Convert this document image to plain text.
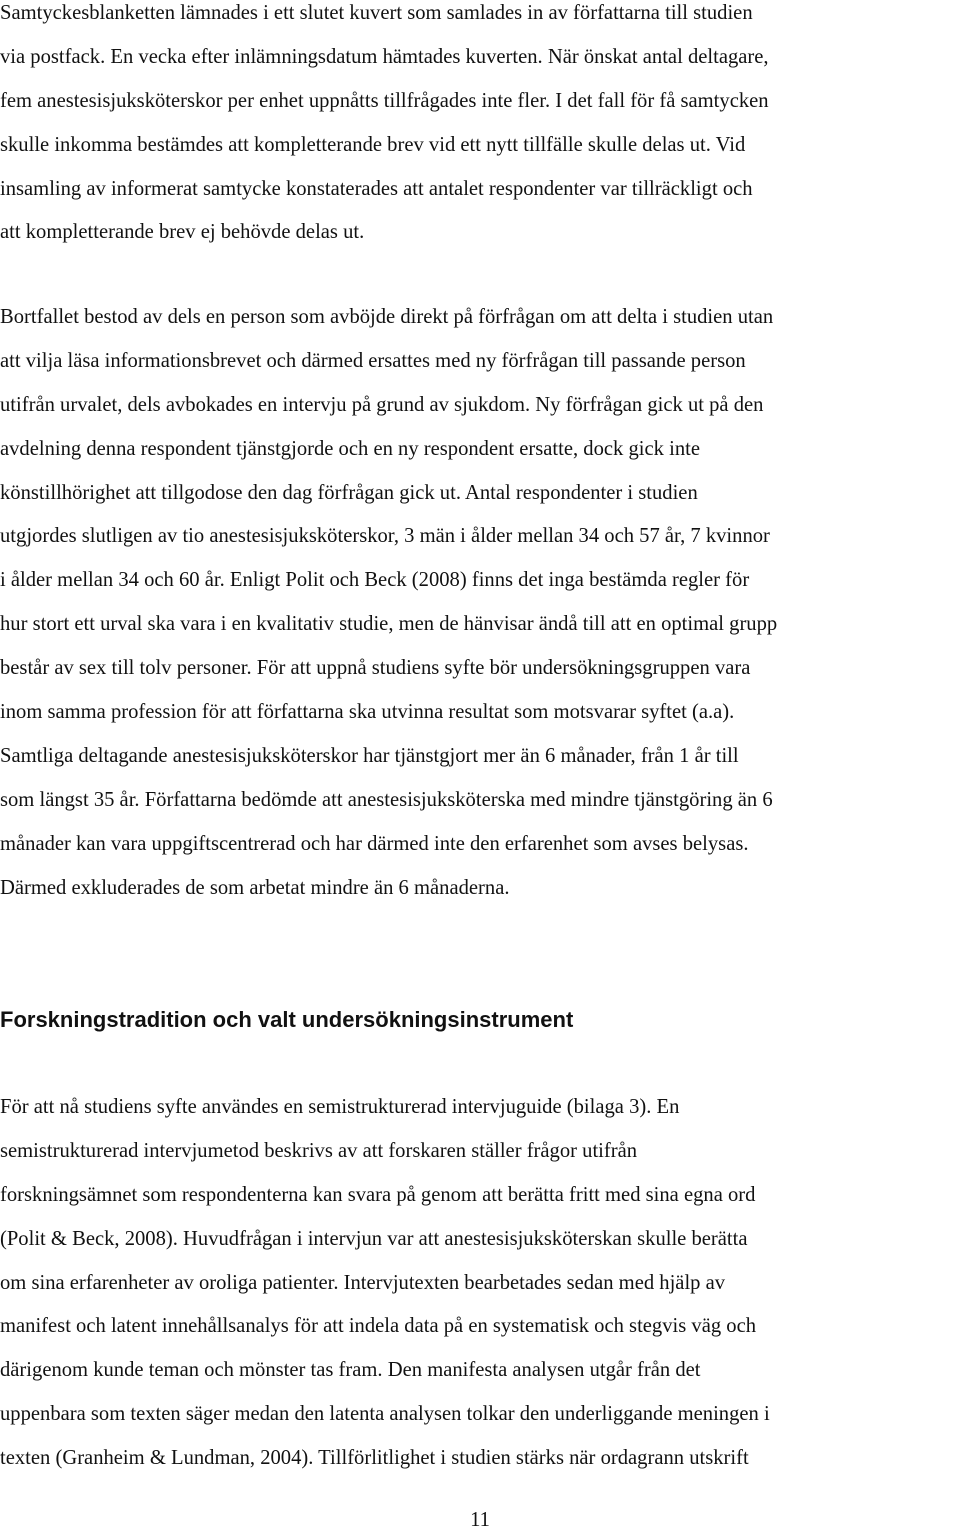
Samtyckesblanketten lämnades i ett slutet kuvert som samlades in av författarna till studien
via postfack. En vecka efter inlämningsdatum hämtades kuverten. När önskat antal deltagare,
fem anestesisjuksköterskor per enhet uppnåtts tillfrågades inte fler. I det fall för få samtycken
skulle inkomma bestämdes att kompletterande brev vid ett nytt tillfälle skulle delas ut. Vid
insamling av informerat samtycke konstaterades att antalet respondenter var tillräckligt och
att kompletterande brev ej behövde delas ut.
Bortfallet bestod av dels en person som avböjde direkt på förfrågan om att delta i studien utan
att vilja läsa informationsbrevet och därmed ersattes med ny förfrågan till passande person
utifrån urvalet, dels avbokades en intervju på grund av sjukdom. Ny förfrågan gick ut på den
avdelning denna respondent tjänstgjorde och en ny respondent ersatte, dock gick inte
könstillhörighet att tillgodose den dag förfrågan gick ut. Antal respondenter i studien
utgjordes slutligen av tio anestesisjuksköterskor, 3 män i ålder mellan 34 och 57 år, 7 kvinnor
i ålder mellan 34 och 60 år. Enligt Polit och Beck (2008) finns det inga bestämda regler för
hur stort ett urval ska vara i en kvalitativ studie, men de hänvisar ändå till att en optimal grupp
består av sex till tolv personer. För att uppnå studiens syfte bör undersökningsgruppen vara
inom samma profession för att författarna ska utvinna resultat som motsvarar syftet (a.a).
Samtliga deltagande anestesisjuksköterskor har tjänstgjort mer än 6 månader, från 1 år till
som längst 35 år. Författarna bedömde att anestesisjuksköterska med mindre tjänstgöring än 6
månader kan vara uppgiftscentrerad och har därmed inte den erfarenhet som avses belysas.
Därmed exkluderades de som arbetat mindre än 6 månaderna.
Forskningstradition och valt undersökningsinstrument
För att nå studiens syfte användes en semistrukturerad intervjuguide (bilaga 3). En
semistrukturerad intervjumetod beskrivs av att forskaren ställer frågor utifrån
forskningsämnet som respondenterna kan svara på genom att berätta fritt med sina egna ord
(Polit & Beck, 2008). Huvudfrågan i intervjun var att anestesisjuksköterskan skulle berätta
om sina erfarenheter av oroliga patienter. Intervjutexten bearbetades sedan med hjälp av
manifest och latent innehållsanalys för att indela data på en systematisk och stegvis väg och
därigenom kunde teman och mönster tas fram. Den manifesta analysen utgår från det
uppenbara som texten säger medan den latenta analysen tolkar den underliggande meningen i
texten (Granheim & Lundman, 2004). Tillförlitlighet i studien stärks när ordagrann utskrift
11
